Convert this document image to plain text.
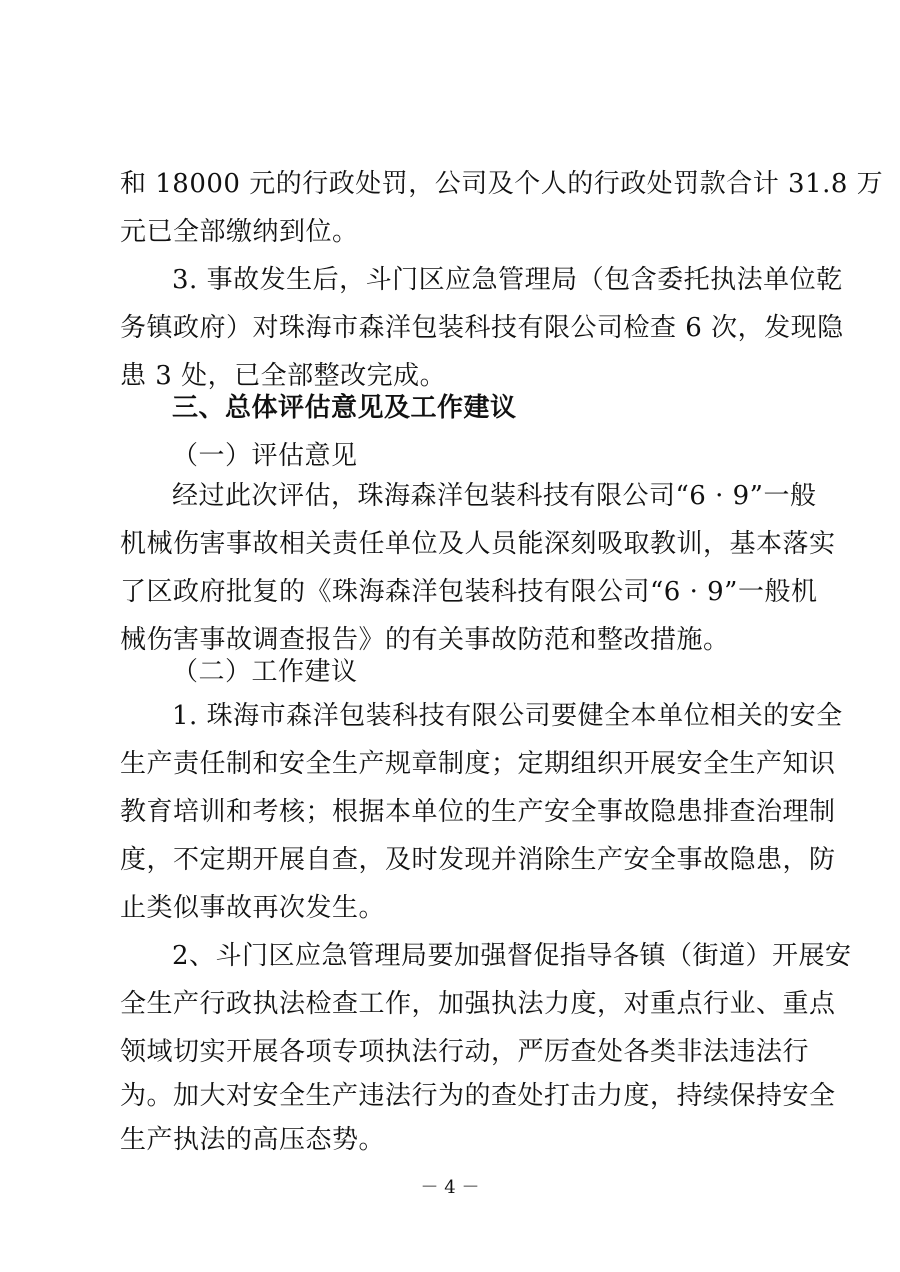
和 18000 元的行政处罚，公司及个人的行政处罚款合计 31.8 万
元已全部缴纳到位。
3. 事故发生后，斗门区应急管理局（包含委托执法单位乾
务镇政府）对珠海市森洋包装科技有限公司检查 6 次，发现隐
患 3 处，已全部整改完成。
三、总体评估意见及工作建议
（一）评估意见
经过此次评估，珠海森洋包装科技有限公司“6 · 9”一般
机械伤害事故相关责任单位及人员能深刻吸取教训，基本落实
了区政府批复的《珠海森洋包装科技有限公司“6 · 9”一般机
械伤害事故调查报告》的有关事故防范和整改措施。
（二）工作建议
1. 珠海市森洋包装科技有限公司要健全本单位相关的安全
生产责任制和安全生产规章制度；定期组织开展安全生产知识
教育培训和考核；根据本单位的生产安全事故隐患排查治理制
度，不定期开展自查，及时发现并消除生产安全事故隐患，防
止类似事故再次发生。
2、斗门区应急管理局要加强督促指导各镇（街道）开展安
全生产行政执法检查工作，加强执法力度，对重点行业、重点
领域切实开展各项专项执法行动，严厉查处各类非法违法行
为。加大对安全生产违法行为的查处打击力度，持续保持安全
生产执法的高压态势。
－ 4 －
